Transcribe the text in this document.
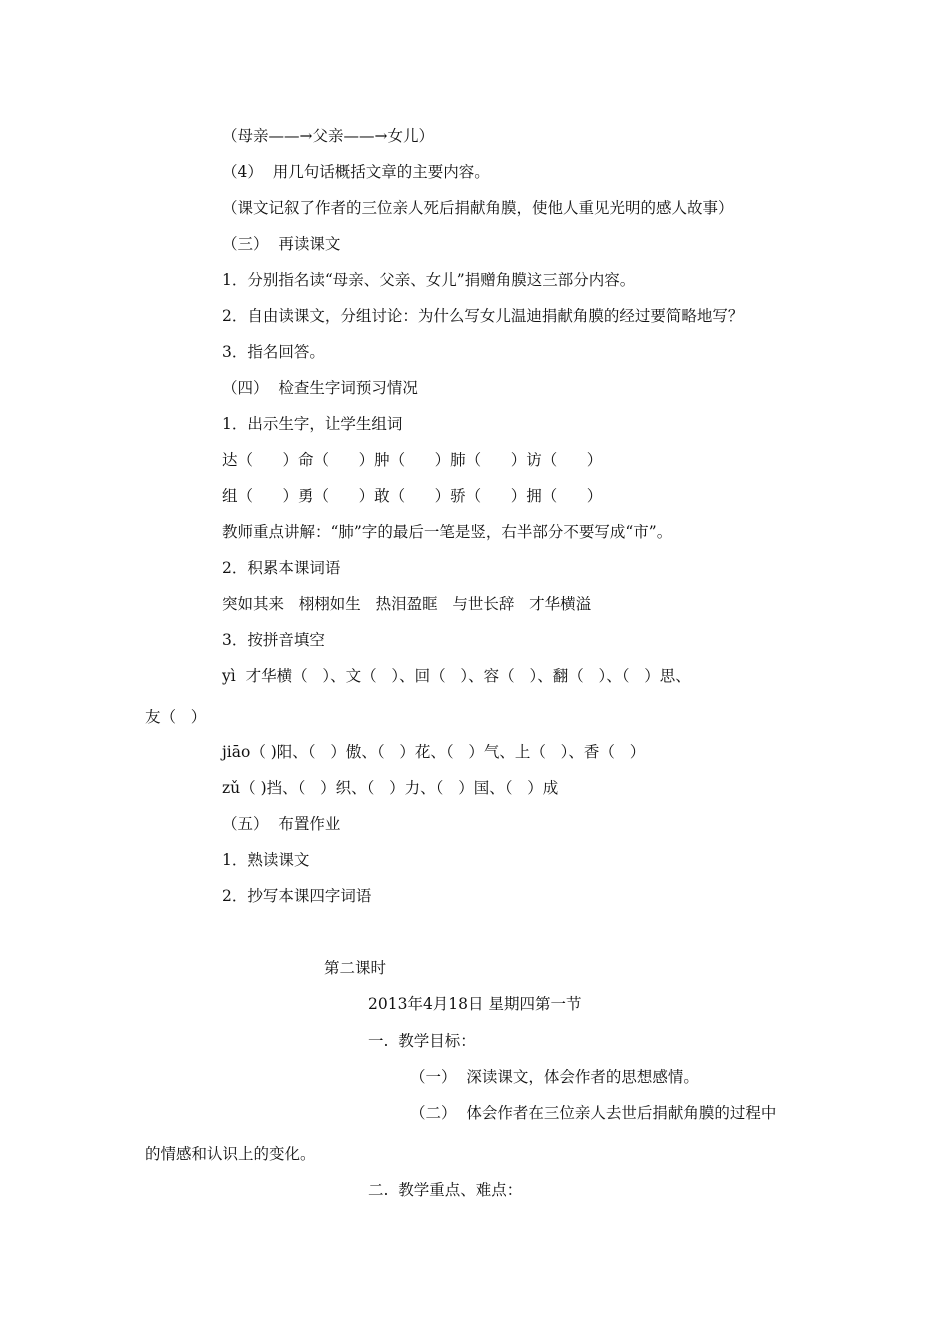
（母亲——→父亲——→女儿）
（4）  用几句话概括文章的主要内容。
（课文记叙了作者的三位亲人死后捐献角膜，使他人重见光明的感人故事）
（三）  再读课文
1．分别指名读“母亲、父亲、女儿”捐赠角膜这三部分内容。
2．自由读课文，分组讨论：为什么写女儿温迪捐献角膜的经过要简略地写？
3．指名回答。
（四）  检查生字词预习情况
1．出示生字，让学生组词
达（      ）命（      ）肿（      ）肺（      ）访（      ）
组（      ）勇（      ）敢（      ）骄（      ）拥（      ）
教师重点讲解：“肺”字的最后一笔是竖，右半部分不要写成“市”。
2．积累本课词语
突如其来   栩栩如生   热泪盈眶   与世长辞   才华横溢
3．按拼音填空
yì  才华横（   ）、文（   ）、回（   ）、容（   ）、翻（   ）、（   ）思、
友（   ）
jiāo（ )阳、（   ）傲、（   ）花、（   ）气、上（   ）、香（   ）
zǔ（ )挡、（   ）织、（   ）力、（   ）国、（   ）成
（五）  布置作业
1．熟读课文
2．抄写本课四字词语
第二课时
2013年4月18日 星期四第一节
一.  教学目标：
（一）  深读课文，体会作者的思想感情。
（二）  体会作者在三位亲人去世后捐献角膜的过程中
的情感和认识上的变化。
二.  教学重点、难点：
